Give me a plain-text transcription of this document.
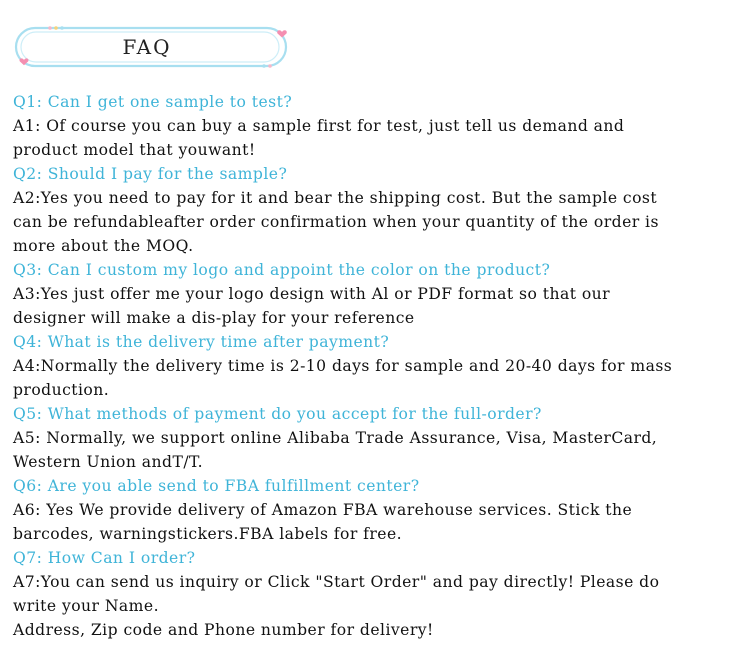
FAQ
Q1: Can I get one sample to test?
A1: Of course you can buy a sample first for test, just tell us demand and
product model that youwant!
Q2: Should I pay for the sample?
A2:Yes you need to pay for it and bear the shipping cost. But the sample cost
can be refundableafter order confirmation when your quantity of the order is
more about the MOQ.
Q3: Can I custom my logo and appoint the color on the product?
A3:Yes just offer me your logo design with Al or PDF format so that our
designer will make a dis-play for your reference
Q4: What is the delivery time after payment?
A4:Normally the delivery time is 2-10 days for sample and 20-40 days for mass
production.
Q5: What methods of payment do you accept for the full-order?
A5: Normally, we support online Alibaba Trade Assurance, Visa, MasterCard,
Western Union andT/T.
Q6: Are you able send to FBA fulfillment center?
A6: Yes We provide delivery of Amazon FBA warehouse services. Stick the
barcodes, warningstickers.FBA labels for free.
Q7: How Can I order?
A7:You can send us inquiry or Click "Start Order" and pay directly! Please do
write your Name.
Address, Zip code and Phone number for delivery!
